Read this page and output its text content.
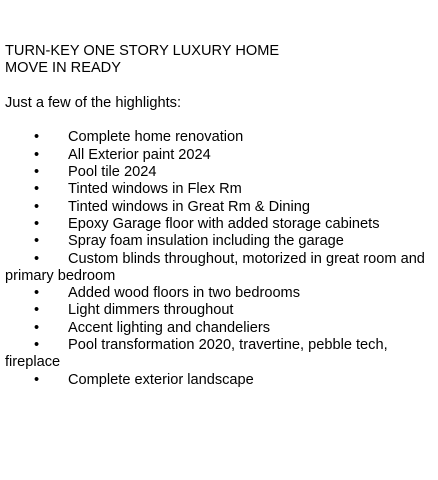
TURN-KEY ONE STORY LUXURY HOME
MOVE IN READY
Just a few of the highlights:
• Complete home renovation
• All Exterior paint 2024
• Pool tile 2024
• Tinted windows in Flex Rm
• Tinted windows in Great Rm & Dining
• Epoxy Garage floor with added storage cabinets
• Spray foam insulation including the garage
• Custom blinds throughout, motorized in great room and primary bedroom
• Added wood floors in two bedrooms
• Light dimmers throughout
• Accent lighting and chandeliers
• Pool transformation 2020, travertine, pebble tech, fireplace
• Complete exterior landscape
